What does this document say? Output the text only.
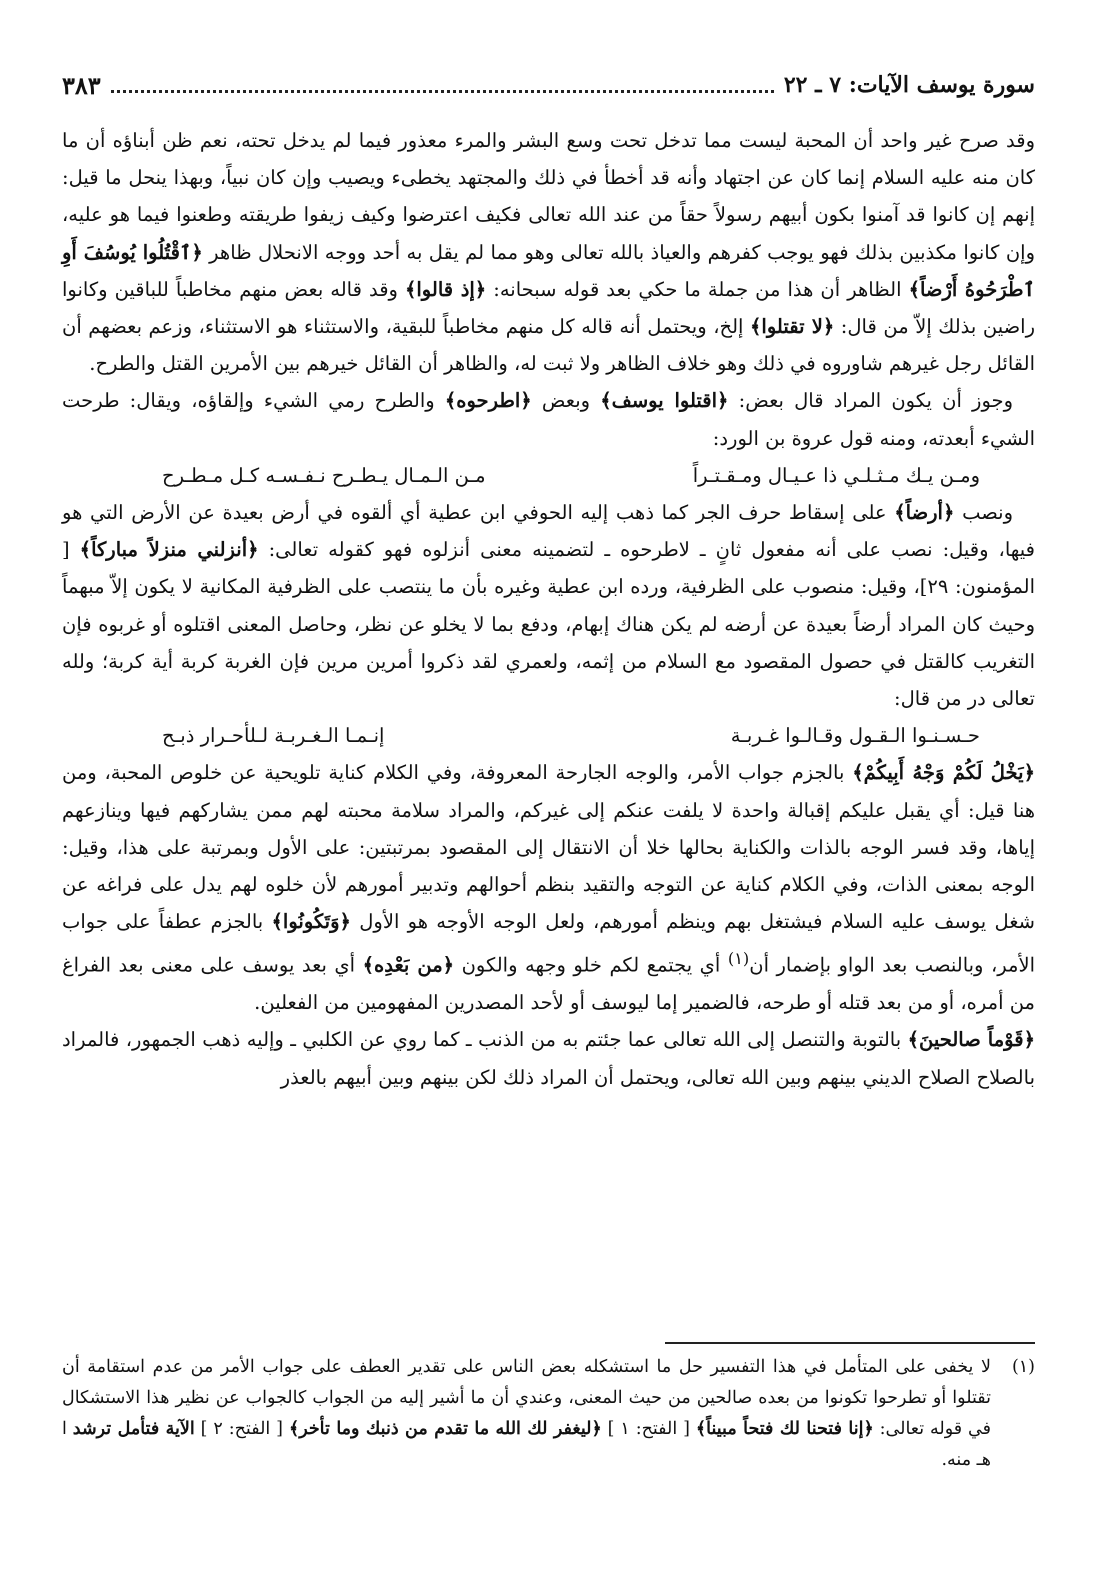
سورة يوسف الآيات: ٧ ـ ٢٢
٣٨٣

وقد صرح غير واحد أن المحبة ليست مما تدخل تحت وسع البشر والمرء معذور فيما لم يدخل تحته، نعم ظن أبناؤه أن ما كان منه عليه السلام إنما كان عن اجتهاد وأنه قد أخطأ في ذلك والمجتهد يخطىء ويصيب وإن كان نبياً، وبهذا ينحل ما قيل: إنهم إن كانوا قد آمنوا بكون أبيهم رسولاً حقاً من عند الله تعالى فكيف اعترضوا وكيف زيفوا طريقته وطعنوا فيما هو عليه، وإن كانوا مكذبين بذلك فهو يوجب كفرهم والعياذ بالله تعالى وهو مما لم يقل به أحد ووجه الانحلال ظاهر ﴿ٱقْتُلُوا يُوسُفَ أَوِ ٱطْرَحُوهُ أَرْضاً﴾ الظاهر أن هذا من جملة ما حكي بعد قوله سبحانه: ﴿إذ قالوا﴾ وقد قاله بعض منهم مخاطباً للباقين وكانوا راضين بذلك إلاّ من قال: ﴿لا تقتلوا﴾ إلخ، ويحتمل أنه قاله كل منهم مخاطباً للبقية، والاستثناء هو الاستثناء، وزعم بعضهم أن القائل رجل غيرهم شاوروه في ذلك وهو خلاف الظاهر ولا ثبت له، والظاهر أن القائل خيرهم بين الأمرين القتل والطرح.

وجوز أن يكون المراد قال بعض: ﴿اقتلوا يوسف﴾ وبعض ﴿اطرحوه﴾ والطرح رمي الشيء وإلقاؤه، ويقال: طرحت الشيء أبعدته، ومنه قول عروة بن الورد:

ومـن يـك مـثـلـي ذا عـيـال ومـقـتـراً
مـن الـمـال يـطـرح نـفـسـه كـل مـطـرح

ونصب ﴿أرضاً﴾ على إسقاط حرف الجر كما ذهب إليه الحوفي ابن عطية أي ألقوه في أرض بعيدة عن الأرض التي هو فيها، وقيل: نصب على أنه مفعول ثانٍ ـ لاطرحوه ـ لتضمينه معنى أنزلوه فهو كقوله تعالى: ﴿أنزلني منزلاً مباركاً﴾ [ المؤمنون: ٢٩]، وقيل: منصوب على الظرفية، ورده ابن عطية وغيره بأن ما ينتصب على الظرفية المكانية لا يكون إلاّ مبهماً وحيث كان المراد أرضاً بعيدة عن أرضه لم يكن هناك إبهام، ودفع بما لا يخلو عن نظر، وحاصل المعنى اقتلوه أو غربوه فإن التغريب كالقتل في حصول المقصود مع السلام من إثمه، ولعمري لقد ذكروا أمرين مرين فإن الغربة كربة أية كربة؛ ولله تعالى در من قال:

حـسـنـوا الـقـول وقـالـوا غـربـة
إنـمـا الـغـربـة لـلأحـرار ذبـح

﴿يَخْلُ لَكُمْ وَجْهُ أَبِيكُمْ﴾ بالجزم جواب الأمر، والوجه الجارحة المعروفة، وفي الكلام كناية تلويحية عن خلوص المحبة، ومن هنا قيل: أي يقبل عليكم إقبالة واحدة لا يلفت عنكم إلى غيركم، والمراد سلامة محبته لهم ممن يشاركهم فيها وينازعهم إياها، وقد فسر الوجه بالذات والكناية بحالها خلا أن الانتقال إلى المقصود بمرتبتين: على الأول وبمرتبة على هذا، وقيل: الوجه بمعنى الذات، وفي الكلام كناية عن التوجه والتقيد بنظم أحوالهم وتدبير أمورهم لأن خلوه لهم يدل على فراغه عن شغل يوسف عليه السلام فيشتغل بهم وينظم أمورهم، ولعل الوجه الأوجه هو الأول ﴿وَتَكُونُوا﴾ بالجزم عطفاً على جواب الأمر، وبالنصب بعد الواو بإضمار أن$^{(١)}$ أي يجتمع لكم خلو وجهه والكون ﴿من بَعْدِه﴾ أي بعد يوسف على معنى بعد الفراغ من أمره، أو من بعد قتله أو طرحه، فالضمير إما ليوسف أو لأحد المصدرين المفهومين من الفعلين.

﴿قَوْماً صالحينَ﴾ بالتوبة والتنصل إلى الله تعالى عما جئتم به من الذنب ـ كما روي عن الكلبي ـ وإليه ذهب الجمهور، فالمراد بالصلاح الصلاح الديني بينهم وبين الله تعالى، ويحتمل أن المراد ذلك لكن بينهم وبين أبيهم بالعذر

(١)

لا يخفى على المتأمل في هذا التفسير حل ما استشكله بعض الناس على تقدير العطف على جواب الأمر من عدم استقامة أن تقتلوا أو تطرحوا تكونوا من بعده صالحين من حيث المعنى، وعندي أن ما أشير إليه من الجواب كالجواب عن نظير هذا الاستشكال في قوله تعالى: ﴿إنا فتحنا لك فتحاً مبيناً﴾ [ الفتح: ١ ] ﴿ليغفر لك الله ما تقدم من ذنبك وما تأخر﴾ [ الفتح: ٢ ] الآية فتأمل ترشد ا هـ منه.
